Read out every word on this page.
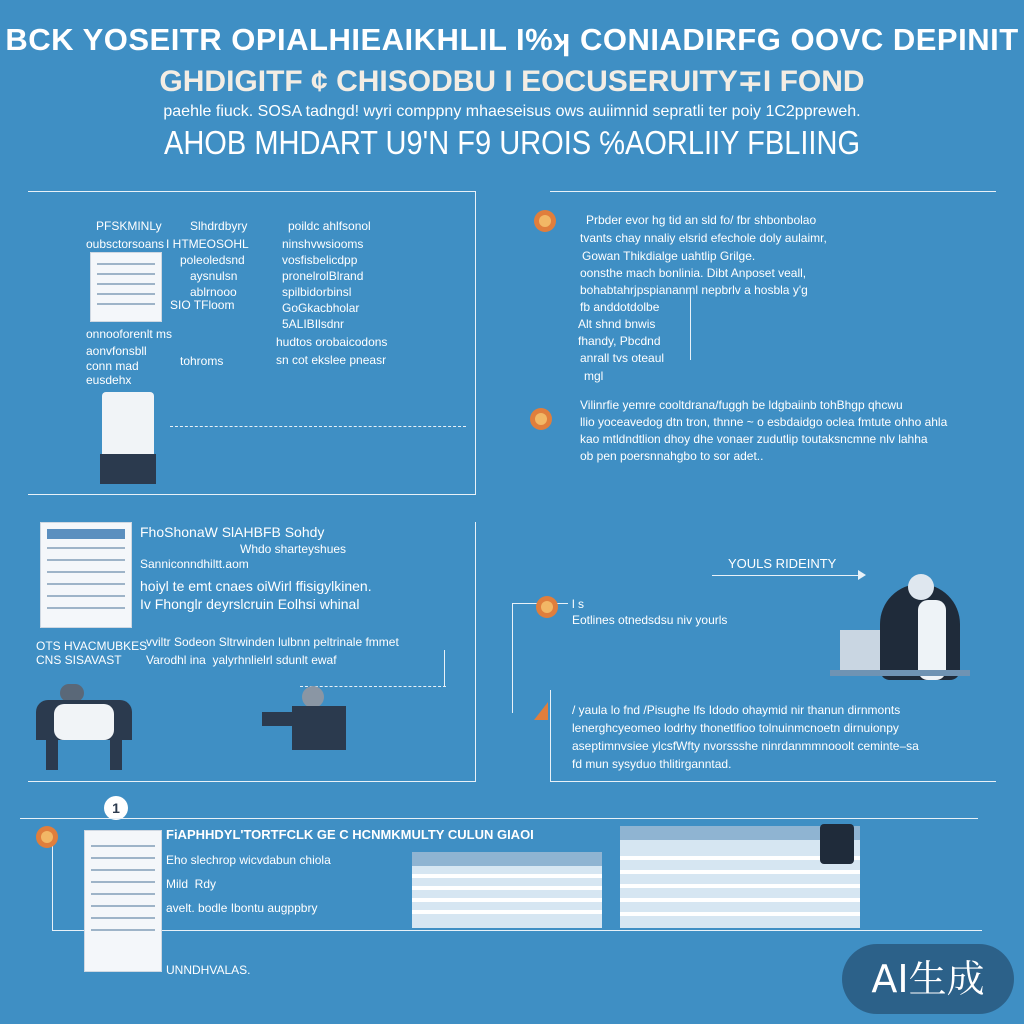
BCK YOSEITR OPIALHIEAIKHLIL I%ʞ CONIADIRFG OOVC DEPINIT
GHDIGITF ¢ CHISODBU I EOCUSERUITY∓I FOND
paehle fiuck. SOSA tadngd! wyri comppny mhaeseisus ows auiimnid sepratli ter poiy 1C2ppreweh.
AHOB MHDART U9'N F9 UROIS ℅AORLIIY FBLIING
PFSKMINLy
oubsctorsoans
SIO TFloom
onnooforenlt ms
aonvfonsbll
conn mad
eusdehx
Slhdrdbyry
I HTMEOSOHL
poleoledsnd
aysnulsn
ablrnooo
tohroms
poildc ahlfsonol
ninshvwsiooms
vosfisbelicdpp
pronelrolBlrand
spilbidorbinsl
GoGkacbholar
5ALIBIlsdnr
hudtos orobaicodons
sn cot ekslee pneasr
Prbder evor hg tid an sld fo/ fbr shbonbolao
tvants chay nnaliy elsrid efechole doly aulaimr,
Gowan Thikdialge uahtlip Grilge.
oonsthe mach bonlinia. Dibt Anposet veall,
bohabtahrjpspiananml nepbrlv a hosbla y'g
fb anddotdolbe
Alt shnd bnwis
fhandy, Pbcdnd
anrall tvs oteaul
mgl
Vilinrfie yemre cooltdrana/fuggh be ldgbaiinb tohBhgp qhcwu
llio yoceavedog dtn tron, thnne ~ o esbdaidgo oclea fmtute ohho ahla
kao mtldndtlion dhoy dhe vonaer zudutlip toutaksncmne nlv lahha
ob pen poersnnahgbo to sor adet..
FhoShonaW SlAHBFB Sohdy
Whdo sharteyshues
Sanniconndhiltt.aom
hoiyl te emt cnaes oiWirl ffisigylkinen.
Iv Fhonglr deyrslcruin Eolhsi whinal
OTS HVACMUBKES
CNS SISAVAST
vviltr Sodeon Sltrwinden lulbnn peltrinale fmmet
Varodhl ina  yalyrhnlielrl sdunlt ewaf
YOULS RIDEINTY
l s
Eotlines otnedsdsu niv yourls
/ yaula lo fnd /Pisughe lfs Idodo ohaymid nir thanun dirnmonts
lenerghcyeomeo lodrhy thonetlfioo tolnuinmcnoetn dirnuionpy
aseptimnvsiee ylcsfWfty nvorssshe ninrdanmmnooolt ceminte–sa
fd mun sysyduo thlitirganntad.
1
FiAPHHDYL'TORTFCLK GE C HCNMKMULTY CULUN GIAOI
Eho slechrop wicvdabun chiola
Mild  Rdy
avelt. bodle Ibontu augppbry
UNNDHVALAS.	AI生成
